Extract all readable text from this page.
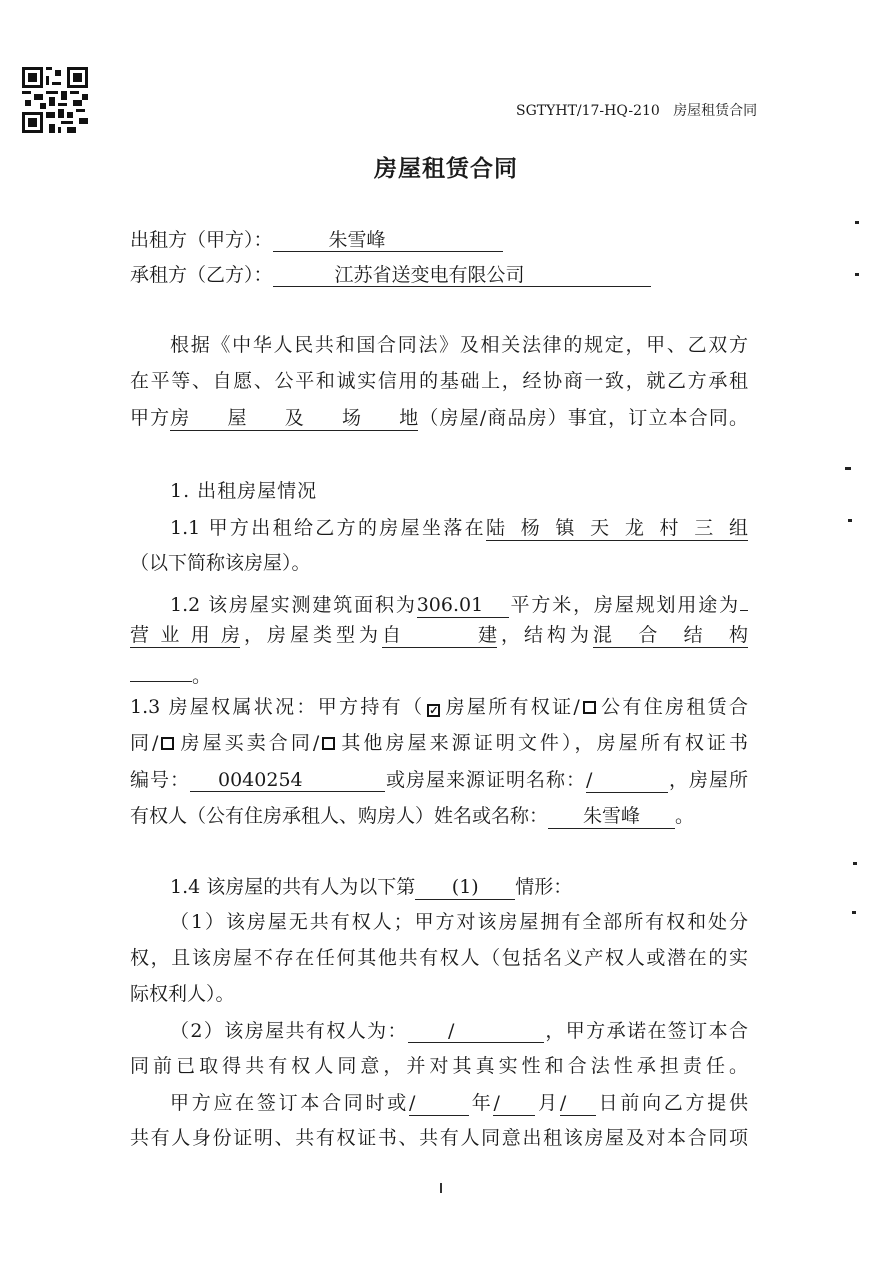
SGTYHT/17-HQ-210 房屋租赁合同
房屋租赁合同
出租方（甲方）：	朱雪峰
承租方（乙方）：	江苏省送变电有限公司
根据《中华人民共和国合同法》及相关法律的规定，甲、乙双方
在平等、自愿、公平和诚实信用的基础上，经协商一致，就乙方承租
甲方房屋及场地（房屋/商品房）事宜，订立本合同。
1. 出租房屋情况
1.1 甲方出租给乙方的房屋坐落在陆杨镇天龙村三组
（以下简称该房屋）。
1.2 该房屋实测建筑面积为306.01 平方米，房屋规划用途为
营业用房，房屋类型为自建，结构为混合结构
。
1.3 房屋权属状况：甲方持有（ ✓ 房屋所有权证/ 公有住房租赁合
同/ 房屋买卖合同/ 其他房屋来源证明文件），房屋所有权证书
编号： 0040254	或房屋来源证明名称：/	，房屋所
有权人（公有住房承租人、购房人）姓名或名称： 朱雪峰 。
1.4 该房屋的共有人为以下第 (1) 情形：
（1）该房屋无共有权人；甲方对该房屋拥有全部所有权和处分
权，且该房屋不存在任何其他共有权人（包括名义产权人或潜在的实
际权利人）。
（2）该房屋共有权人为： /	，甲方承诺在签订本合
同前已取得共有权人同意，并对其真实性和合法性承担责任。
甲方应在签订本合同时或/	年/ 月/ 日前向乙方提供
共有人身份证明、共有权证书、共有人同意出租该房屋及对本合同项
